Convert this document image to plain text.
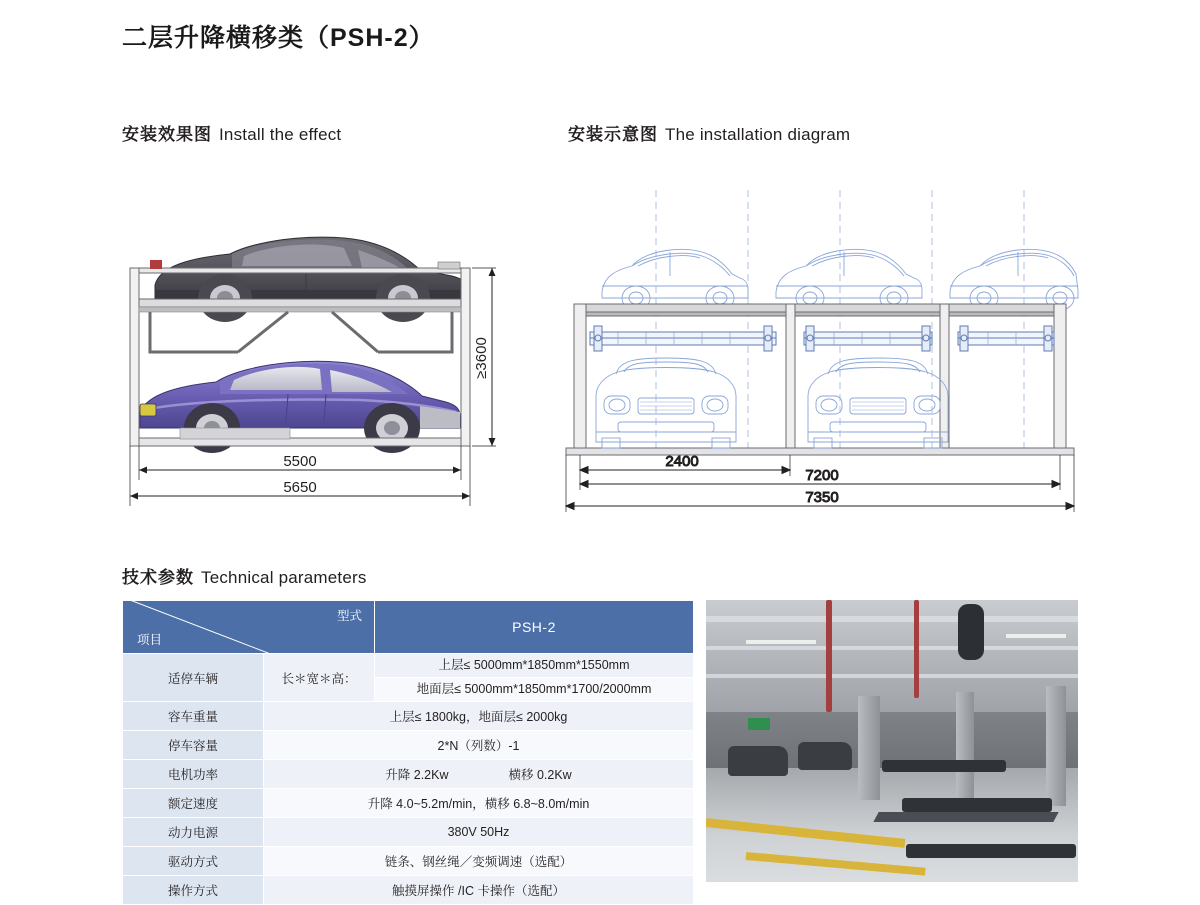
二层升降横移类（PSH-2）
安装效果图 Install the effect	安装示意图 The installation diagram
技术参数 Technical parameters
≥3600
5500
5650
2400
7200
7350
型式
项目		PSH-2
适停车辆	长＊宽＊高：	上层≤ 5000mm*1850mm*1550mm
地面层≤ 5000mm*1850mm*1700/2000mm

容车重量	上层≤ 1800kg，地面层≤ 2000kg	
停车容量	2*N（列数）-1	
电机功率	升降 2.2Kw 横移 0.2Kw	
额定速度	升降 4.0~5.2m/min，横移 6.8~8.0m/min	
动力电源	380V 50Hz	
驱动方式	链条、钢丝绳／变频调速（选配）	
操作方式	触摸屏操作 /IC 卡操作（选配）	
